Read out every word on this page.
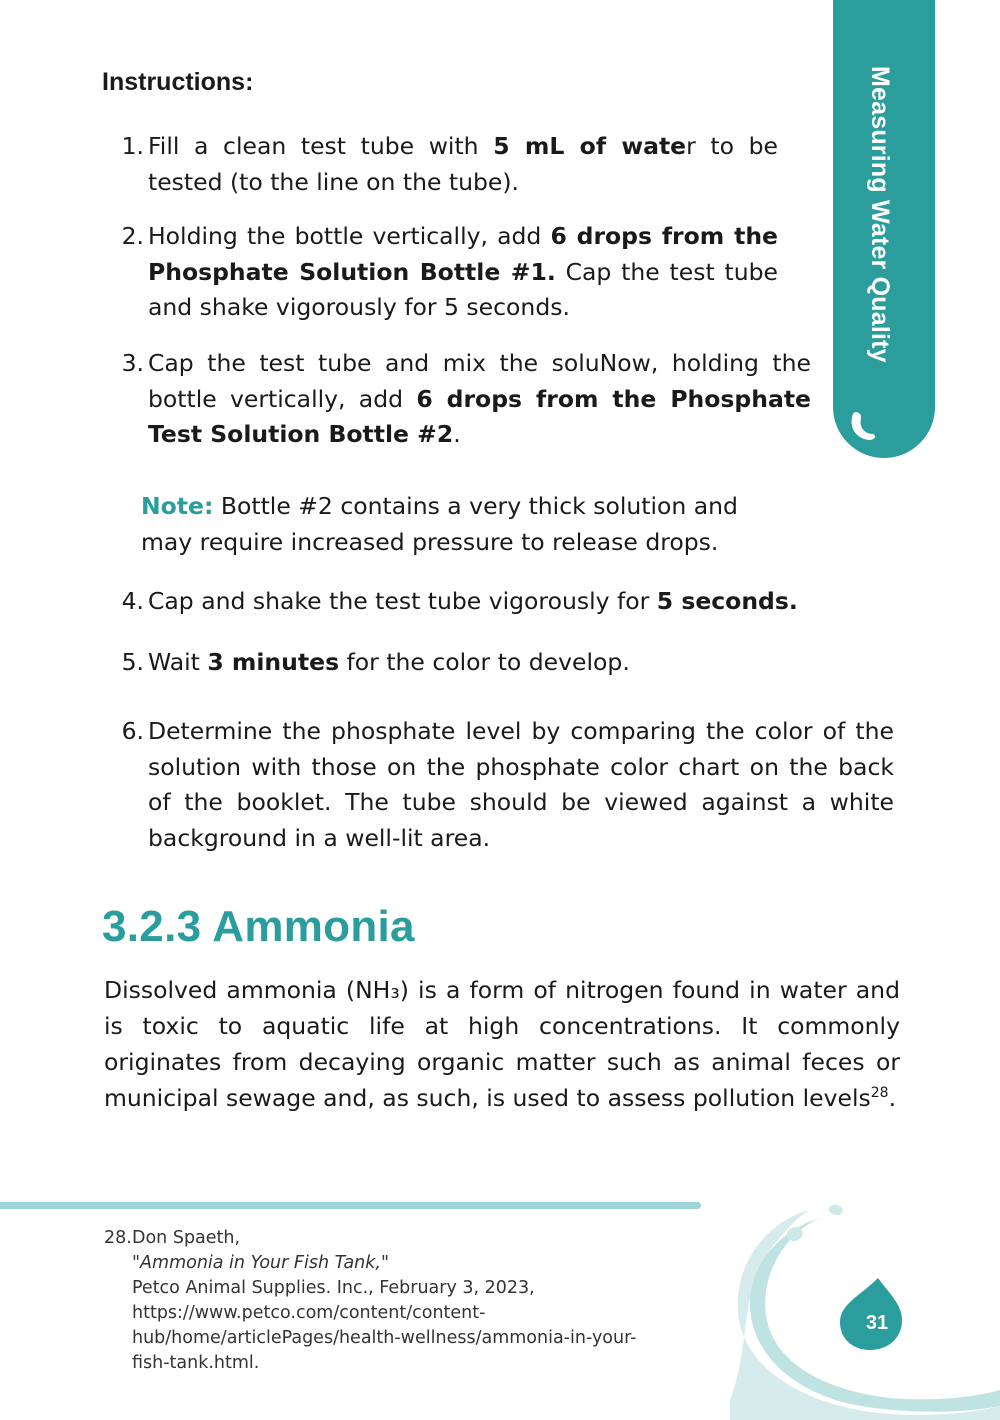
Measuring Water Quality
Instructions:
1. Fill a clean test tube with 5 mL of water to be tested (to the line on the tube).
2. Holding the bottle vertically, add 6 drops from the Phosphate Solution Bottle #1. Cap the test tube and shake vigorously for 5 seconds.
3. Cap the test tube and mix the soluNow, holding the bottle vertically, add 6 drops from the Phosphate Test Solution Bottle #2.
Note: Bottle #2 contains a very thick solution and may require increased pressure to release drops.
4. Cap and shake the test tube vigorously for 5 seconds.
5. Wait 3 minutes for the color to develop.
6. Determine the phosphate level by comparing the color of the solution with those on the phosphate color chart on the back of the booklet. The tube should be viewed against a white background in a well-lit area.
3.2.3 Ammonia

Dissolved ammonia (NH₃) is a form of nitrogen found in water and is toxic to aquatic life at high concentrations. It commonly originates from decaying organic matter such as animal feces or municipal sewage and, as such, is used to assess pollution levels$^{28}$.

28. Don Spaeth,
"Ammonia in Your Fish Tank,"
Petco Animal Supplies. Inc., February 3, 2023,
https://www.petco.com/content/content-
hub/home/articlePages/health-wellness/ammonia-in-your-
fish-tank.html.
31
